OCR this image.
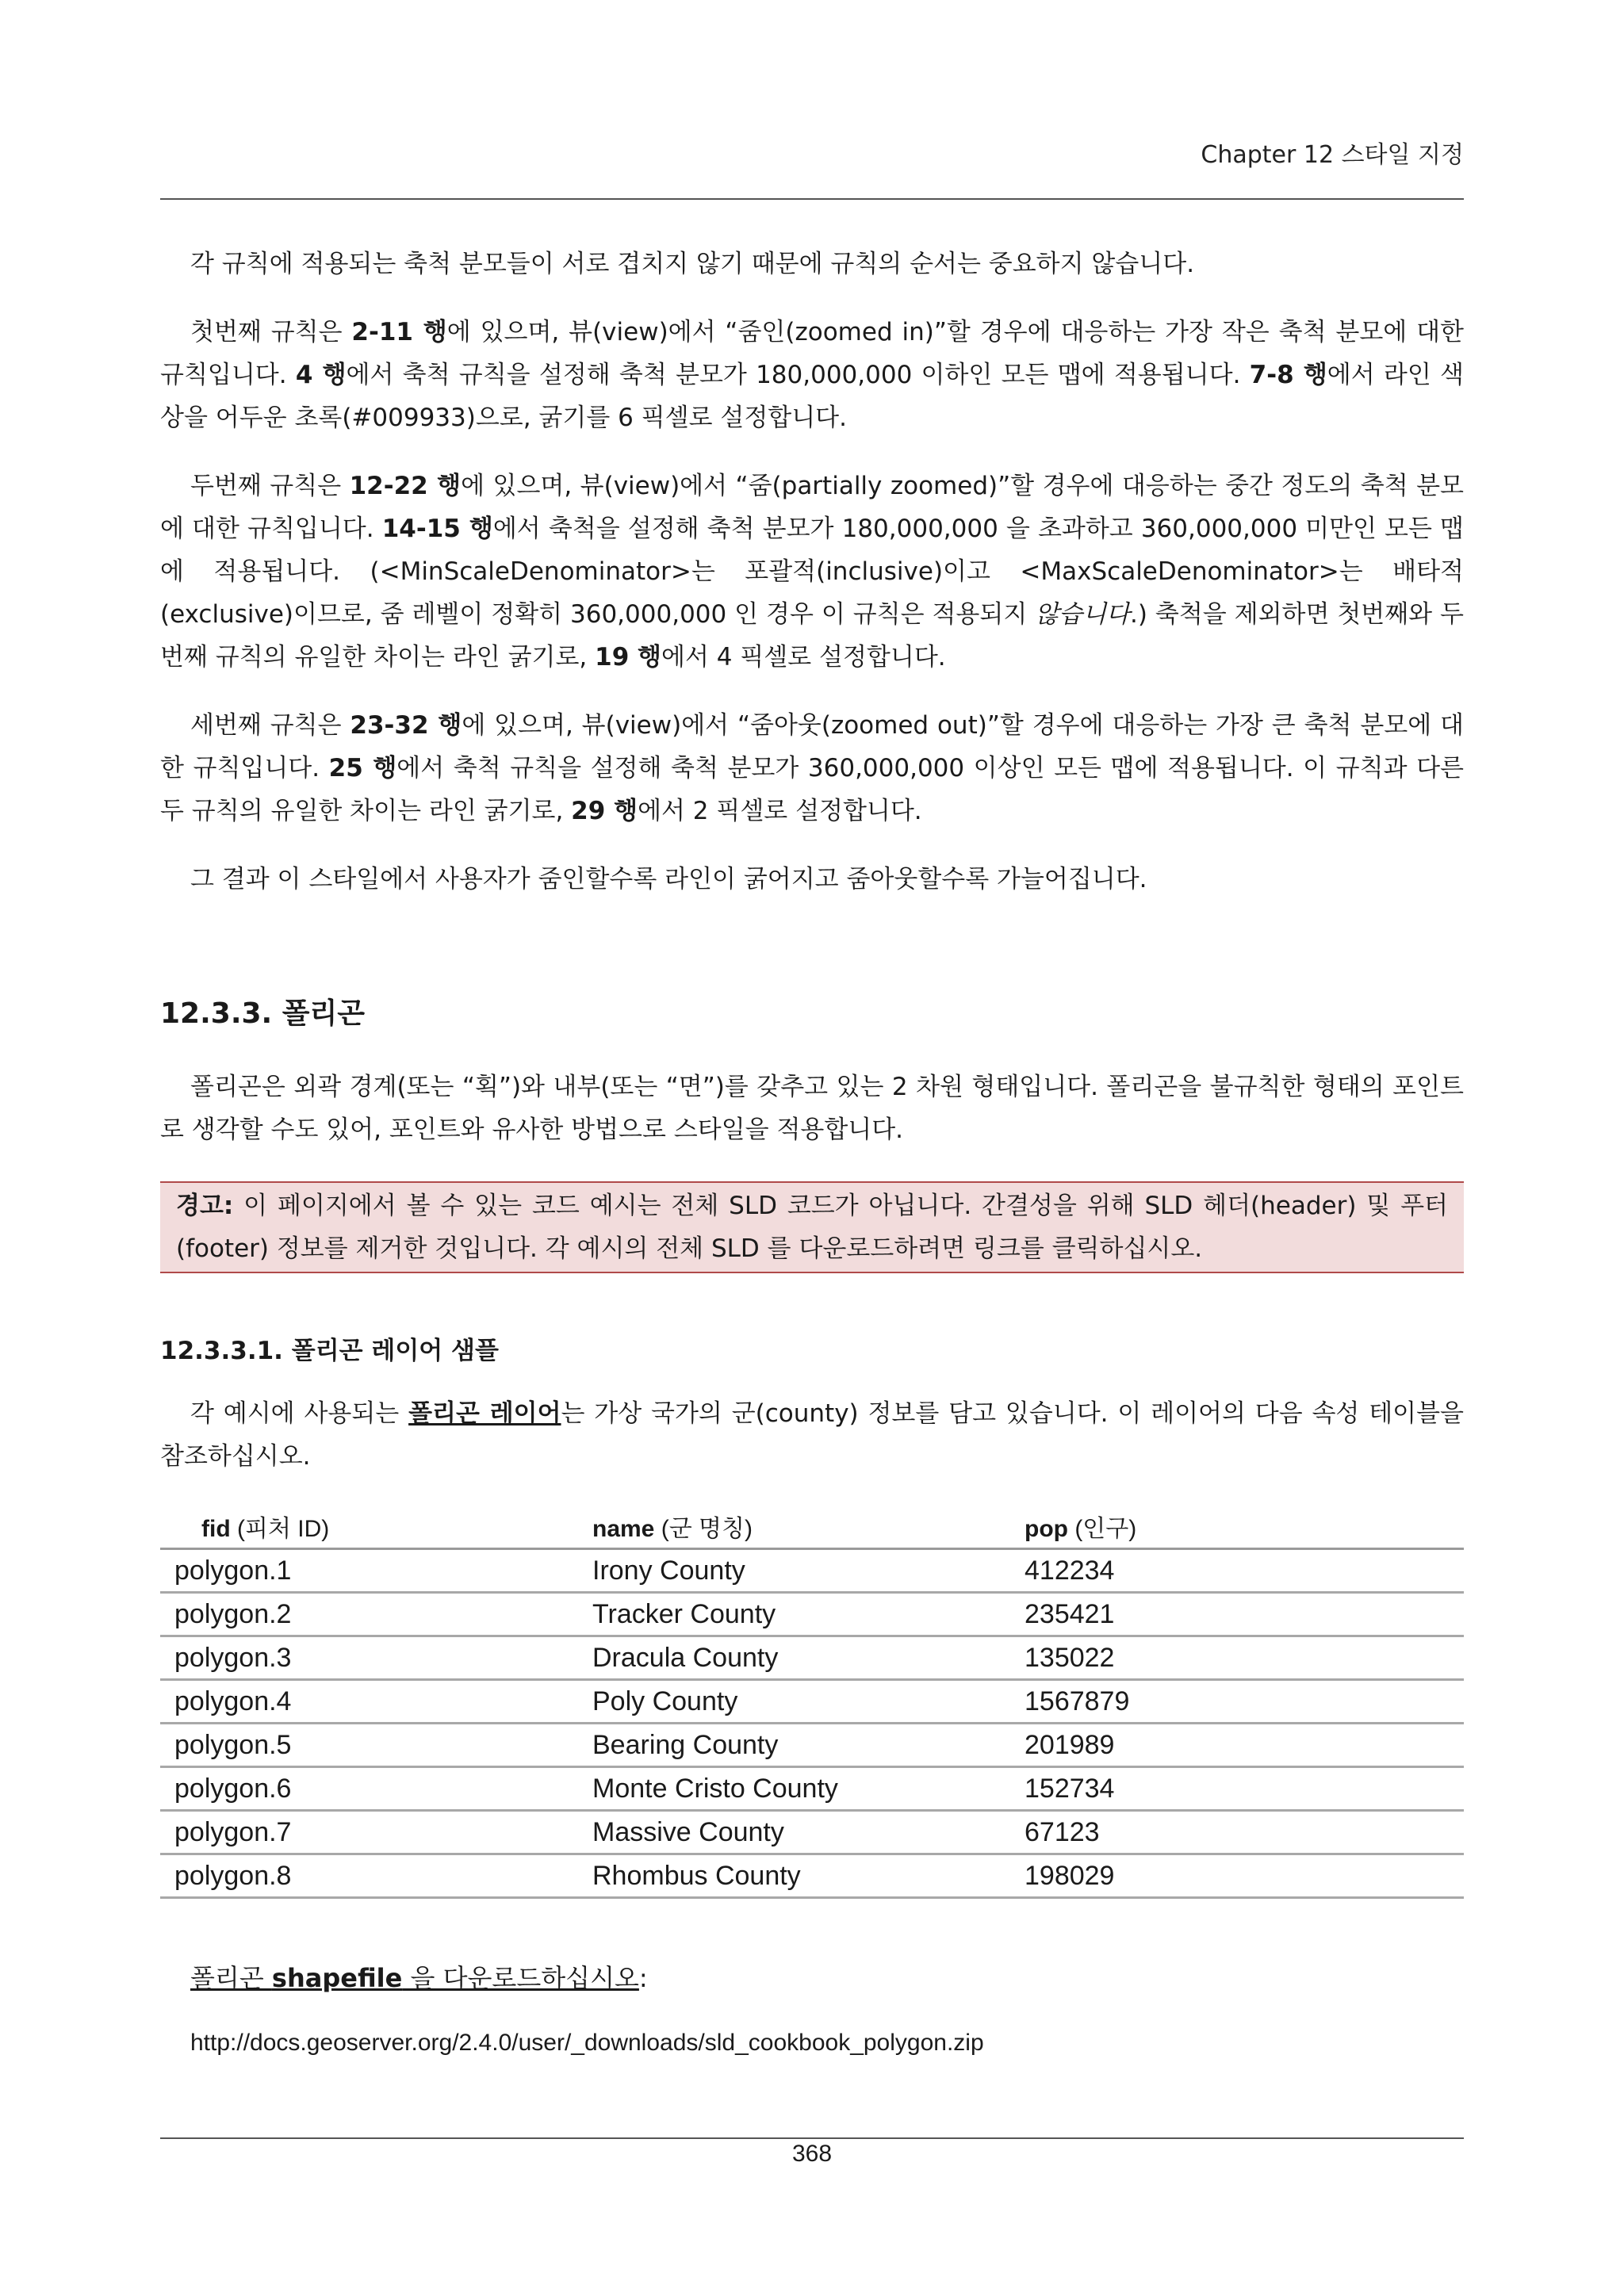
Chapter 12 스타일 지정

각 규칙에 적용되는 축척 분모들이 서로 겹치지 않기 때문에 규칙의 순서는 중요하지 않습니다.

첫번째 규칙은 2-11 행에 있으며, 뷰(view)에서 “줌인(zoomed in)”할 경우에 대응하는 가장 작은 축척 분모에 대한 규칙입니다. 4 행에서 축척 규칙을 설정해 축척 분모가 180,000,000 이하인 모든 맵에 적용됩니다. 7-8 행에서 라인 색상을 어두운 초록(#009933)으로, 굵기를 6 픽셀로 설정합니다.

두번째 규칙은 12-22 행에 있으며, 뷰(view)에서 “줌(partially zoomed)”할 경우에 대응하는 중간 정도의 축척 분모에 대한 규칙입니다. 14-15 행에서 축척을 설정해 축척 분모가 180,000,000 을 초과하고 360,000,000 미만인 모든 맵에 적용됩니다. (<MinScaleDenominator>는 포괄적(inclusive)이고 <MaxScaleDenominator>는 배타적(exclusive)이므로, 줌 레벨이 정확히 360,000,000 인 경우 이 규칙은 적용되지 않습니다.) 축척을 제외하면 첫번째와 두번째 규칙의 유일한 차이는 라인 굵기로, 19 행에서 4 픽셀로 설정합니다.

세번째 규칙은 23-32 행에 있으며, 뷰(view)에서 “줌아웃(zoomed out)”할 경우에 대응하는 가장 큰 축척 분모에 대한 규칙입니다. 25 행에서 축척 규칙을 설정해 축척 분모가 360,000,000 이상인 모든 맵에 적용됩니다. 이 규칙과 다른 두 규칙의 유일한 차이는 라인 굵기로, 29 행에서 2 픽셀로 설정합니다.

그 결과 이 스타일에서 사용자가 줌인할수록 라인이 굵어지고 줌아웃할수록 가늘어집니다.

12.3.3. 폴리곤

폴리곤은 외곽 경계(또는 “획”)와 내부(또는 “면”)를 갖추고 있는 2 차원 형태입니다. 폴리곤을 불규칙한 형태의 포인트로 생각할 수도 있어, 포인트와 유사한 방법으로 스타일을 적용합니다.

경고: 이 페이지에서 볼 수 있는 코드 예시는 전체 SLD 코드가 아닙니다. 간결성을 위해 SLD 헤더(header) 및 푸터(footer) 정보를 제거한 것입니다. 각 예시의 전체 SLD 를 다운로드하려면 링크를 클릭하십시오.
12.3.3.1. 폴리곤 레이어 샘플

각 예시에 사용되는 폴리곤 레이어는 가상 국가의 군(county) 정보를 담고 있습니다. 이 레이어의 다음 속성 테이블을 참조하십시오.

fid (피처 ID)	name (군 명칭)	pop (인구)
polygon.1	Irony County	412234
polygon.2	Tracker County	235421
polygon.3	Dracula County	135022
polygon.4	Poly County	1567879
polygon.5	Bearing County	201989
polygon.6	Monte Cristo County	152734
polygon.7	Massive County	67123
polygon.8	Rhombus County	198029
폴리곤 shapefile 을 다운로드하십시오:
http://docs.geoserver.org/2.4.0/user/_downloads/sld_cookbook_polygon.zip
368
